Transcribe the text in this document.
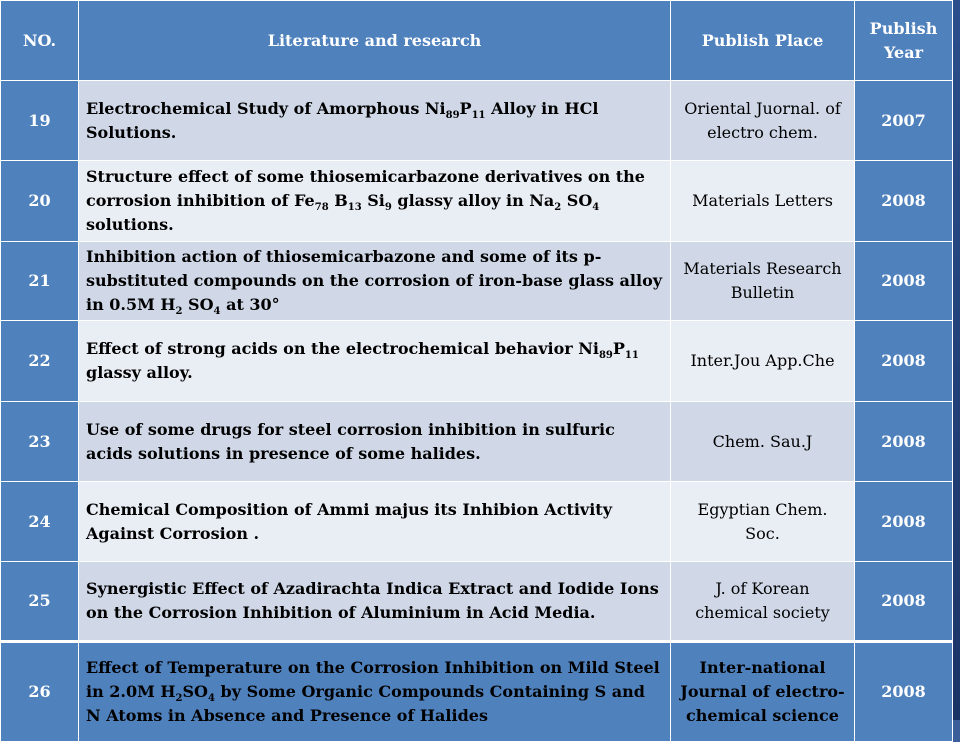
NO.	Literature and research	Publish Place	Publish Year
19	Electrochemical Study of Amorphous $Ni_{89}P_{11}$ Alloy in HCl Solutions.	Oriental Juornal. of electro chem.	2007
20	Structure effect of some thiosemicarbazone derivatives on the corrosion inhibition of $Fe_{78}$ $B_{13}$ $Si_9$ glassy alloy in $Na_2$ $SO_4$ solutions.	Materials Letters	2008
21	Inhibition action of thiosemicarbazone and some of its p-substituted compounds on the corrosion of iron-base glass alloy in 0.5M $H_2$ $SO_4$ at 30°	Materials Research Bulletin	2008
22	Effect of strong acids on the electrochemical behavior $Ni_{89}P_{11}$ glassy alloy.	Inter.Jou App.Che	2008
23	Use of some drugs for steel corrosion inhibition in sulfuric acids solutions in presence of some halides.	Chem. Sau.J	2008
24	Chemical Composition of Ammi majus its Inhibion Activity Against Corrosion .	Egyptian Chem. Soc.	2008
25	Synergistic Effect of Azadirachta Indica Extract and Iodide Ions on the Corrosion Inhibition of Aluminium in Acid Media.	J. of Korean chemical society	2008
26	Effect of Temperature on the Corrosion Inhibition on Mild Steel in 2.0M $H_2SO_4$ by Some Organic Compounds Containing S and N Atoms in Absence and Presence of Halides	Inter-national Journal of electro-chemical science	2008
